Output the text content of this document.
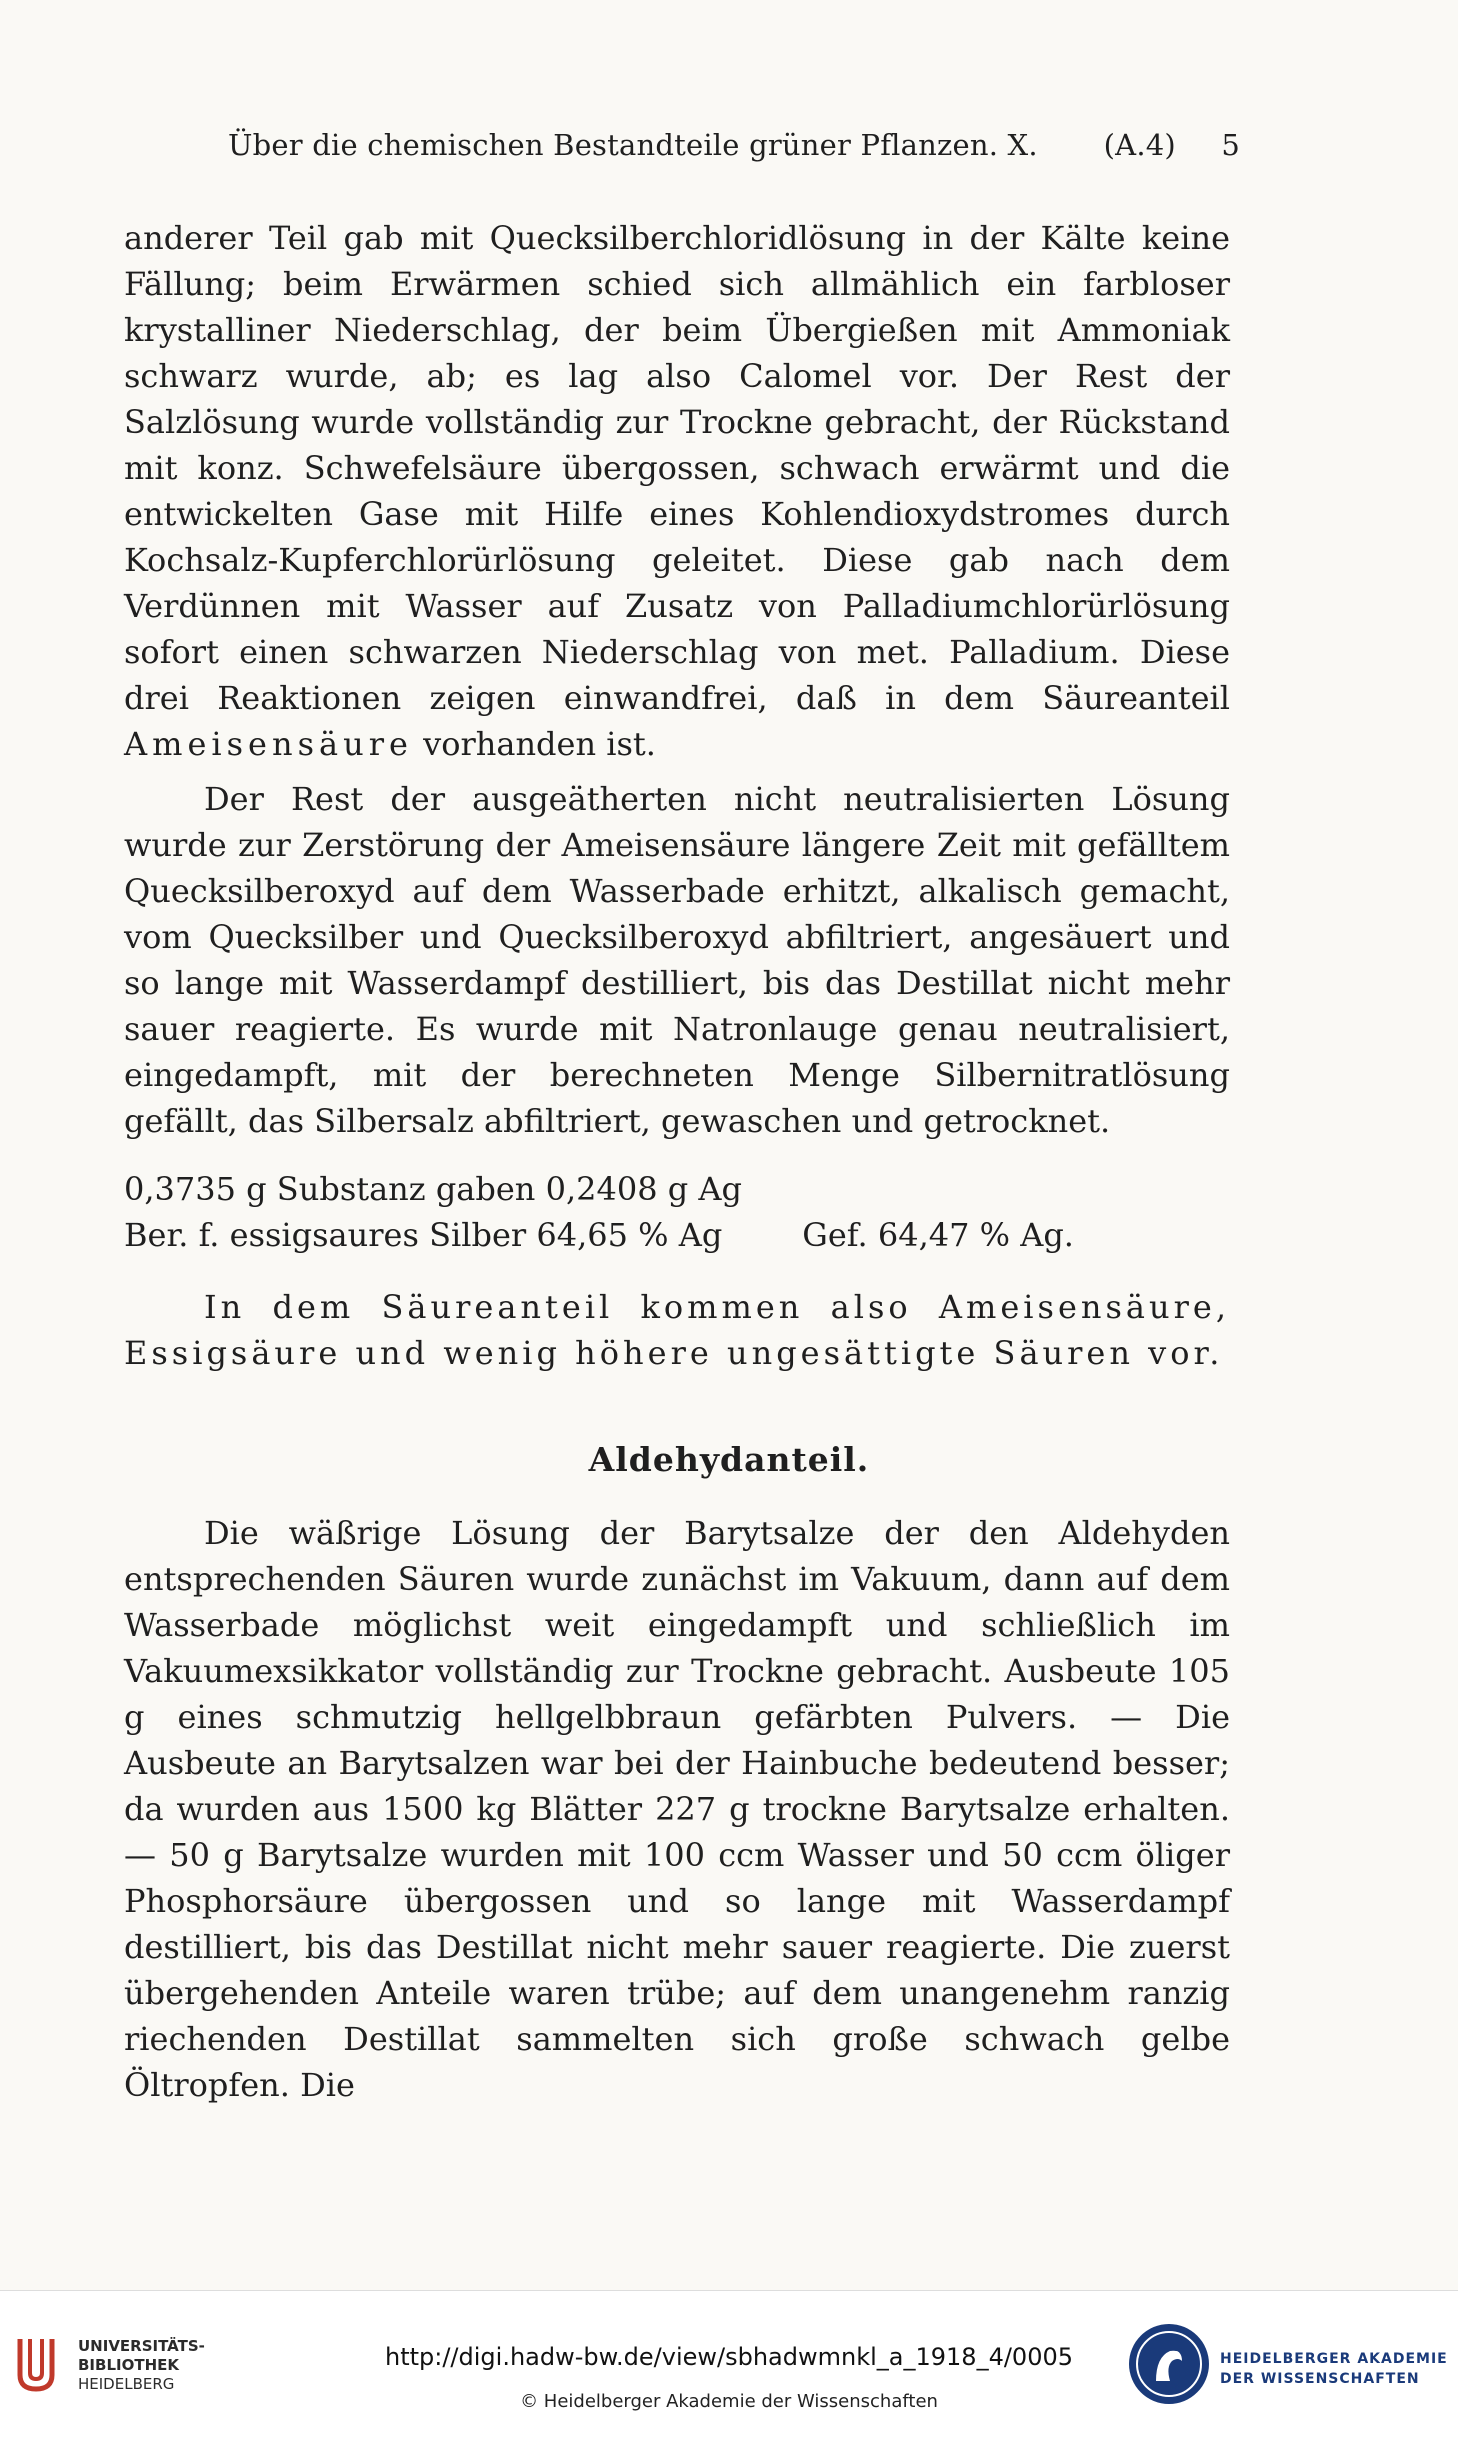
Über die chemischen Bestandteile grüner Pflanzen. X.	(A.4) 5

anderer Teil gab mit Quecksilberchloridlösung in der Kälte keine Fällung; beim Erwärmen schied sich allmählich ein farbloser krystalliner Niederschlag, der beim Übergießen mit Ammoniak schwarz wurde, ab; es lag also Calomel vor. Der Rest der Salzlösung wurde vollständig zur Trockne gebracht, der Rückstand mit konz. Schwefelsäure übergossen, schwach erwärmt und die entwickelten Gase mit Hilfe eines Kohlendioxydstromes durch Kochsalz-Kupferchlorürlösung geleitet. Diese gab nach dem Verdünnen mit Wasser auf Zusatz von Palladiumchlorürlösung sofort einen schwarzen Niederschlag von met. Palladium. Diese drei Reaktionen zeigen einwandfrei, daß in dem Säureanteil Ameisensäure vorhanden ist.

Der Rest der ausgeätherten nicht neutralisierten Lösung wurde zur Zerstörung der Ameisensäure längere Zeit mit gefälltem Quecksilberoxyd auf dem Wasserbade erhitzt, alkalisch gemacht, vom Quecksilber und Quecksilberoxyd abfiltriert, angesäuert und so lange mit Wasserdampf destilliert, bis das Destillat nicht mehr sauer reagierte. Es wurde mit Natronlauge genau neutralisiert, eingedampft, mit der berechneten Menge Silbernitratlösung gefällt, das Silbersalz abfiltriert, gewaschen und getrocknet.

0,3735 g Substanz gaben 0,2408 g Ag
Ber. f. essigsaures Silber 64,65 % Ag	Gef. 64,47 % Ag.

In dem Säureanteil kommen also Ameisensäure, Essigsäure und wenig höhere ungesättigte Säuren vor.

Aldehydanteil.

Die wäßrige Lösung der Barytsalze der den Aldehyden entsprechenden Säuren wurde zunächst im Vakuum, dann auf dem Wasserbade möglichst weit eingedampft und schließlich im Vakuumexsikkator vollständig zur Trockne gebracht. Ausbeute 105 g eines schmutzig hellgelbbraun gefärbten Pulvers. — Die Ausbeute an Barytsalzen war bei der Hainbuche bedeutend besser; da wurden aus 1500 kg Blätter 227 g trockne Barytsalze erhalten. — 50 g Barytsalze wurden mit 100 ccm Wasser und 50 ccm öliger Phosphorsäure übergossen und so lange mit Wasserdampf destilliert, bis das Destillat nicht mehr sauer reagierte. Die zuerst übergehenden Anteile waren trübe; auf dem unangenehm ranzig riechenden Destillat sammelten sich große schwach gelbe Öltropfen. Die

UNIVERSITÄTS-
BIBLIOTHEK
HEIDELBERG
http://digi.hadw-bw.de/view/sbhadwmnkl_a_1918_4/0005
© Heidelberger Akademie der Wissenschaften
HEIDELBERGER AKADEMIE
DER WISSENSCHAFTEN
